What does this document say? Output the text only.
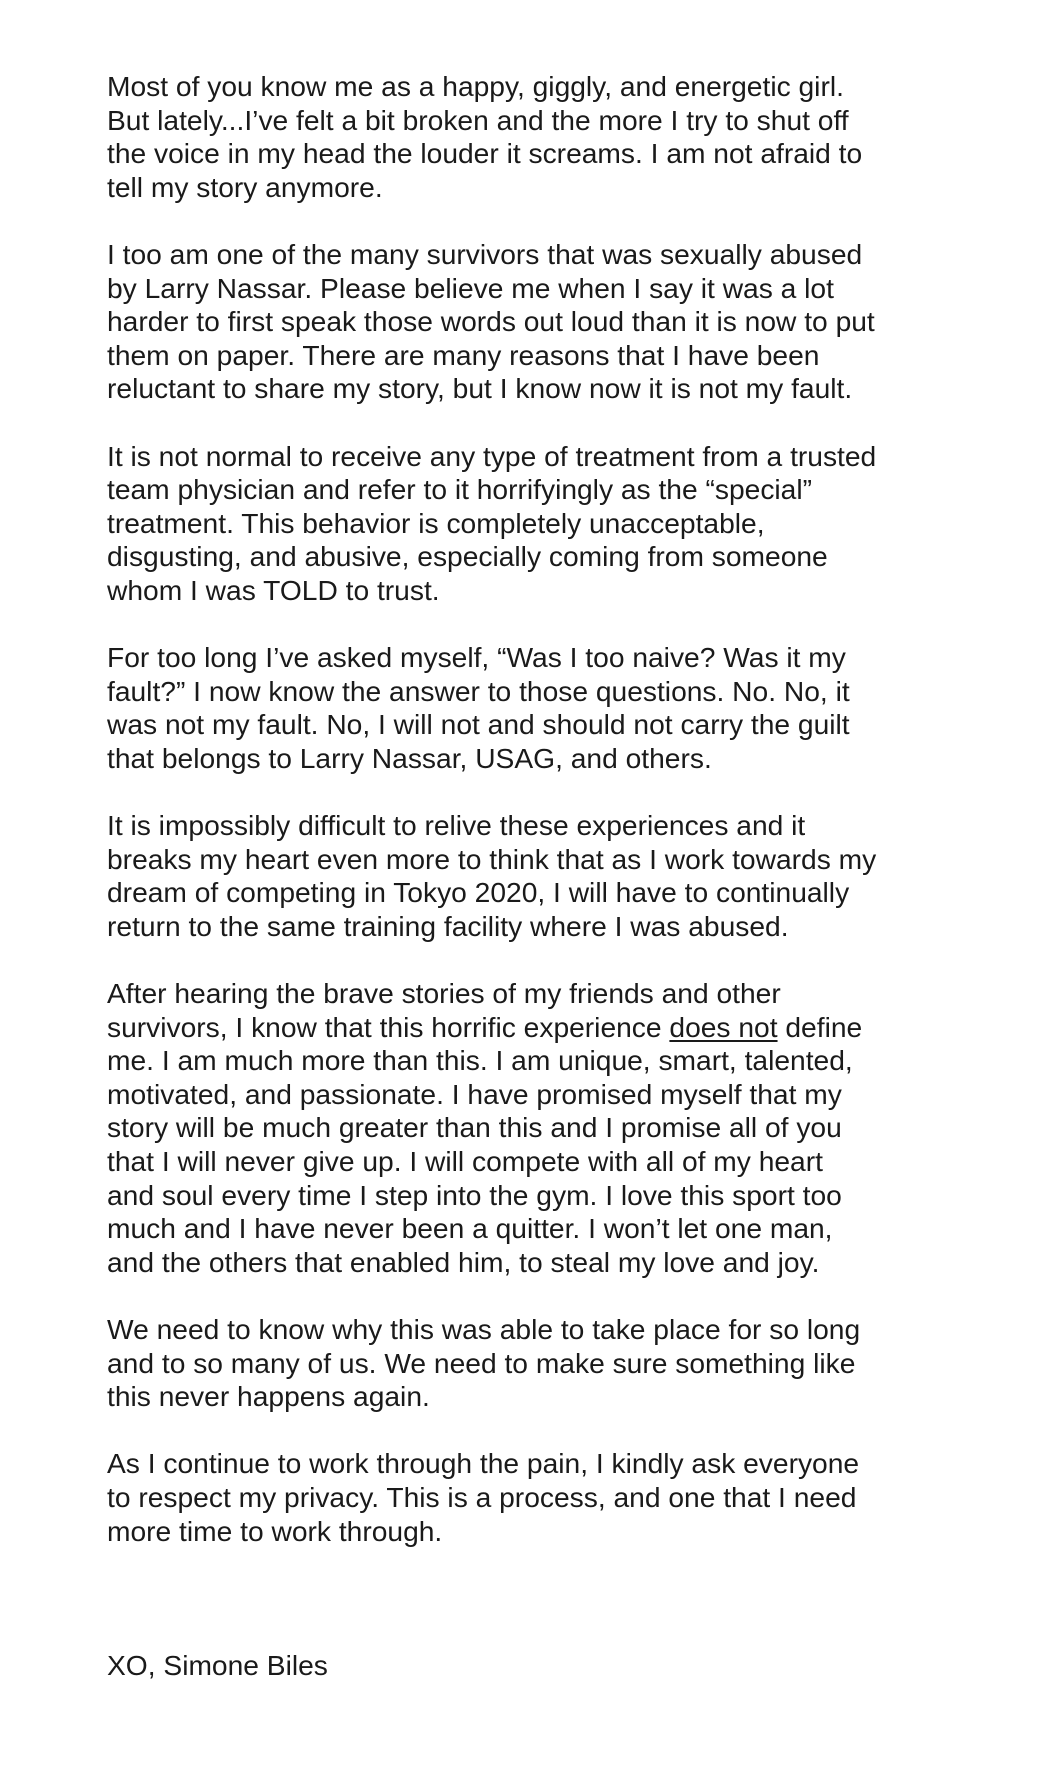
Most of you know me as a happy, giggly, and energetic girl.
But lately...I’ve felt a bit broken and the more I try to shut off
the voice in my head the louder it screams. I am not afraid to
tell my story anymore.
I too am one of the many survivors that was sexually abused
by Larry Nassar. Please believe me when I say it was a lot
harder to first speak those words out loud than it is now to put
them on paper. There are many reasons that I have been
reluctant to share my story, but I know now it is not my fault.
It is not normal to receive any type of treatment from a trusted
team physician and refer to it horrifyingly as the “special”
treatment. This behavior is completely unacceptable,
disgusting, and abusive, especially coming from someone
whom I was TOLD to trust.
For too long I’ve asked myself, “Was I too naive? Was it my
fault?” I now know the answer to those questions. No. No, it
was not my fault. No, I will not and should not carry the guilt
that belongs to Larry Nassar, USAG, and others.
It is impossibly difficult to relive these experiences and it
breaks my heart even more to think that as I work towards my
dream of competing in Tokyo 2020, I will have to continually
return to the same training facility where I was abused.
After hearing the brave stories of my friends and other
survivors, I know that this horrific experience does not define
me. I am much more than this. I am unique, smart, talented,
motivated, and passionate. I have promised myself that my
story will be much greater than this and I promise all of you
that I will never give up. I will compete with all of my heart
and soul every time I step into the gym. I love this sport too
much and I have never been a quitter. I won’t let one man,
and the others that enabled him, to steal my love and joy.
We need to know why this was able to take place for so long
and to so many of us. We need to make sure something like
this never happens again.
As I continue to work through the pain, I kindly ask everyone
to respect my privacy. This is a process, and one that I need
more time to work through.
XO, Simone Biles
